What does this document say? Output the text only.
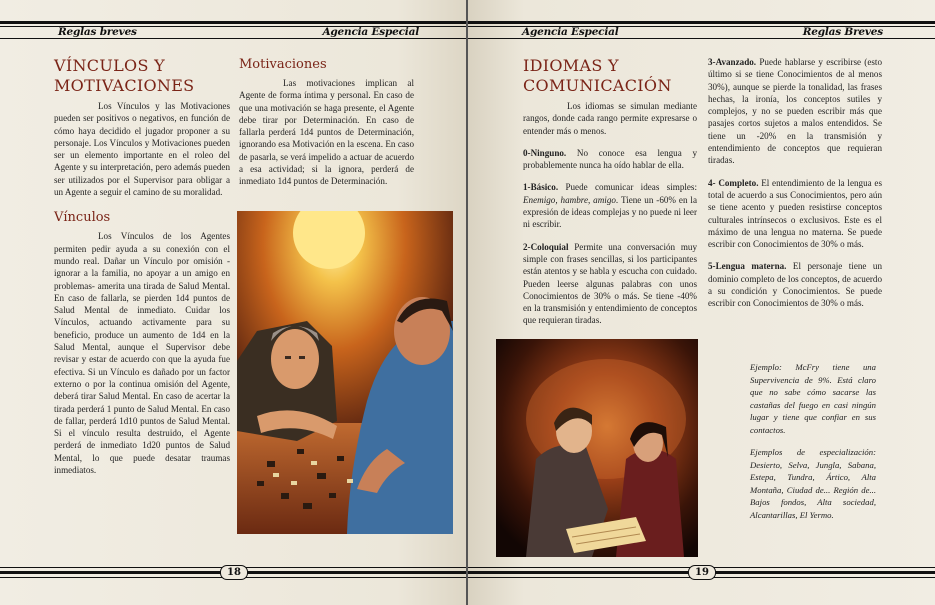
Reglas breves	Agencia Especial
VÍNCULOS Y
MOTIVACIONES

Los Vínculos y las Motivaciones pueden ser positivos o negativos, en función de cómo haya decidido el jugador proponer a su personaje. Los Vínculos y Motivaciones pueden ser un elemento importante en el roleo del Agente y su interpretación, pero además pueden ser utilizados por el Supervisor para obligar a un Agente a seguir el camino de su moralidad.

Vínculos

Los Vínculos de los Agentes permiten pedir ayuda a su conexión con el mundo real. Dañar un Vínculo por omisión - ignorar a la familia, no apoyar a un amigo en problemas- amerita una tirada de Salud Mental. En caso de fallarla, se pierden 1d4 puntos de Salud Mental de inmediato. Cuidar los Vínculos, actuando activamente para su beneficio, produce un aumento de 1d4 en la Salud Mental, aunque el Supervisor debe revisar y estar de acuerdo con que la ayuda fue efectiva. Si un Vínculo es dañado por un factor externo o por la continua omisión del Agente, deberá tirar Salud Mental. En caso de acertar la tirada perderá 1 punto de Salud Mental. En caso de fallar, perderá 1d10 puntos de Salud Mental. Si el vínculo resulta destruido, el Agente perderá de inmediato 1d20 puntos de Salud Mental, lo que puede desatar traumas inmediatos.

Motivaciones

Las motivaciones implican al Agente de forma íntima y personal. En caso de que una motivación se haga presente, el Agente debe tirar por Determinación. En caso de fallarla perderá 1d4 puntos de Determinación, ignorando esa Motivación en la escena. En caso de pasarla, se verá impelido a actuar de acuerdo a esa actividad; si la ignora, perderá de inmediato 1d4 puntos de Determinación.

18
Agencia Especial	Reglas Breves
IDIOMAS Y
COMUNICACIÓN

Los idiomas se simulan mediante rangos, donde cada rango permite expresarse o entender más o menos.

0-Ninguno. No conoce esa lengua y probablemente nunca ha oído hablar de ella.

1-Básico. Puede comunicar ideas simples: Enemigo, hambre, amigo. Tiene un -60% en la expresión de ideas complejas y no puede ni leer ni escribir.

2-Coloquial Permite una conversación muy simple con frases sencillas, si los participantes están atentos y se habla y escucha con cuidado. Pueden leerse algunas palabras con unos Conocimientos de 30% o más. Se tiene -40% en la transmisión y entendimiento de conceptos que requieran tiradas.

3-Avanzado. Puede hablarse y escribirse (esto último si se tiene Conocimientos de al menos 30%), aunque se pierde la tonalidad, las frases hechas, la ironía, los conceptos sutiles y complejos, y no se pueden escribir más que pasajes cortos sujetos a malos entendidos. Se tiene un -20% en la transmisión y entendimiento de conceptos que requieran tiradas.

4- Completo. El entendimiento de la lengua es total de acuerdo a sus Conocimientos, pero aún se tiene acento y pueden resistirse conceptos culturales intrínsecos o exclusivos. Este es el máximo de una lengua no materna. Se puede escribir con Conocimientos de 30% o más.

5-Lengua materna. El personaje tiene un dominio completo de los conceptos, de acuerdo a su condición y Conocimientos. Se puede escribir con Conocimientos de 30% o más.

Ejemplo: McFry tiene una Supervivencia de 9%. Está claro que no sabe cómo sacarse las castañas del fuego en casi ningún lugar y tiene que confiar en sus contactos.

Ejemplos de especialización: Desierto, Selva, Jungla, Sabana, Estepa, Tundra, Ártico, Alta Montaña, Ciudad de... Región de... Bajos fondos, Alta sociedad, Alcantarillas, El Yermo.

19
